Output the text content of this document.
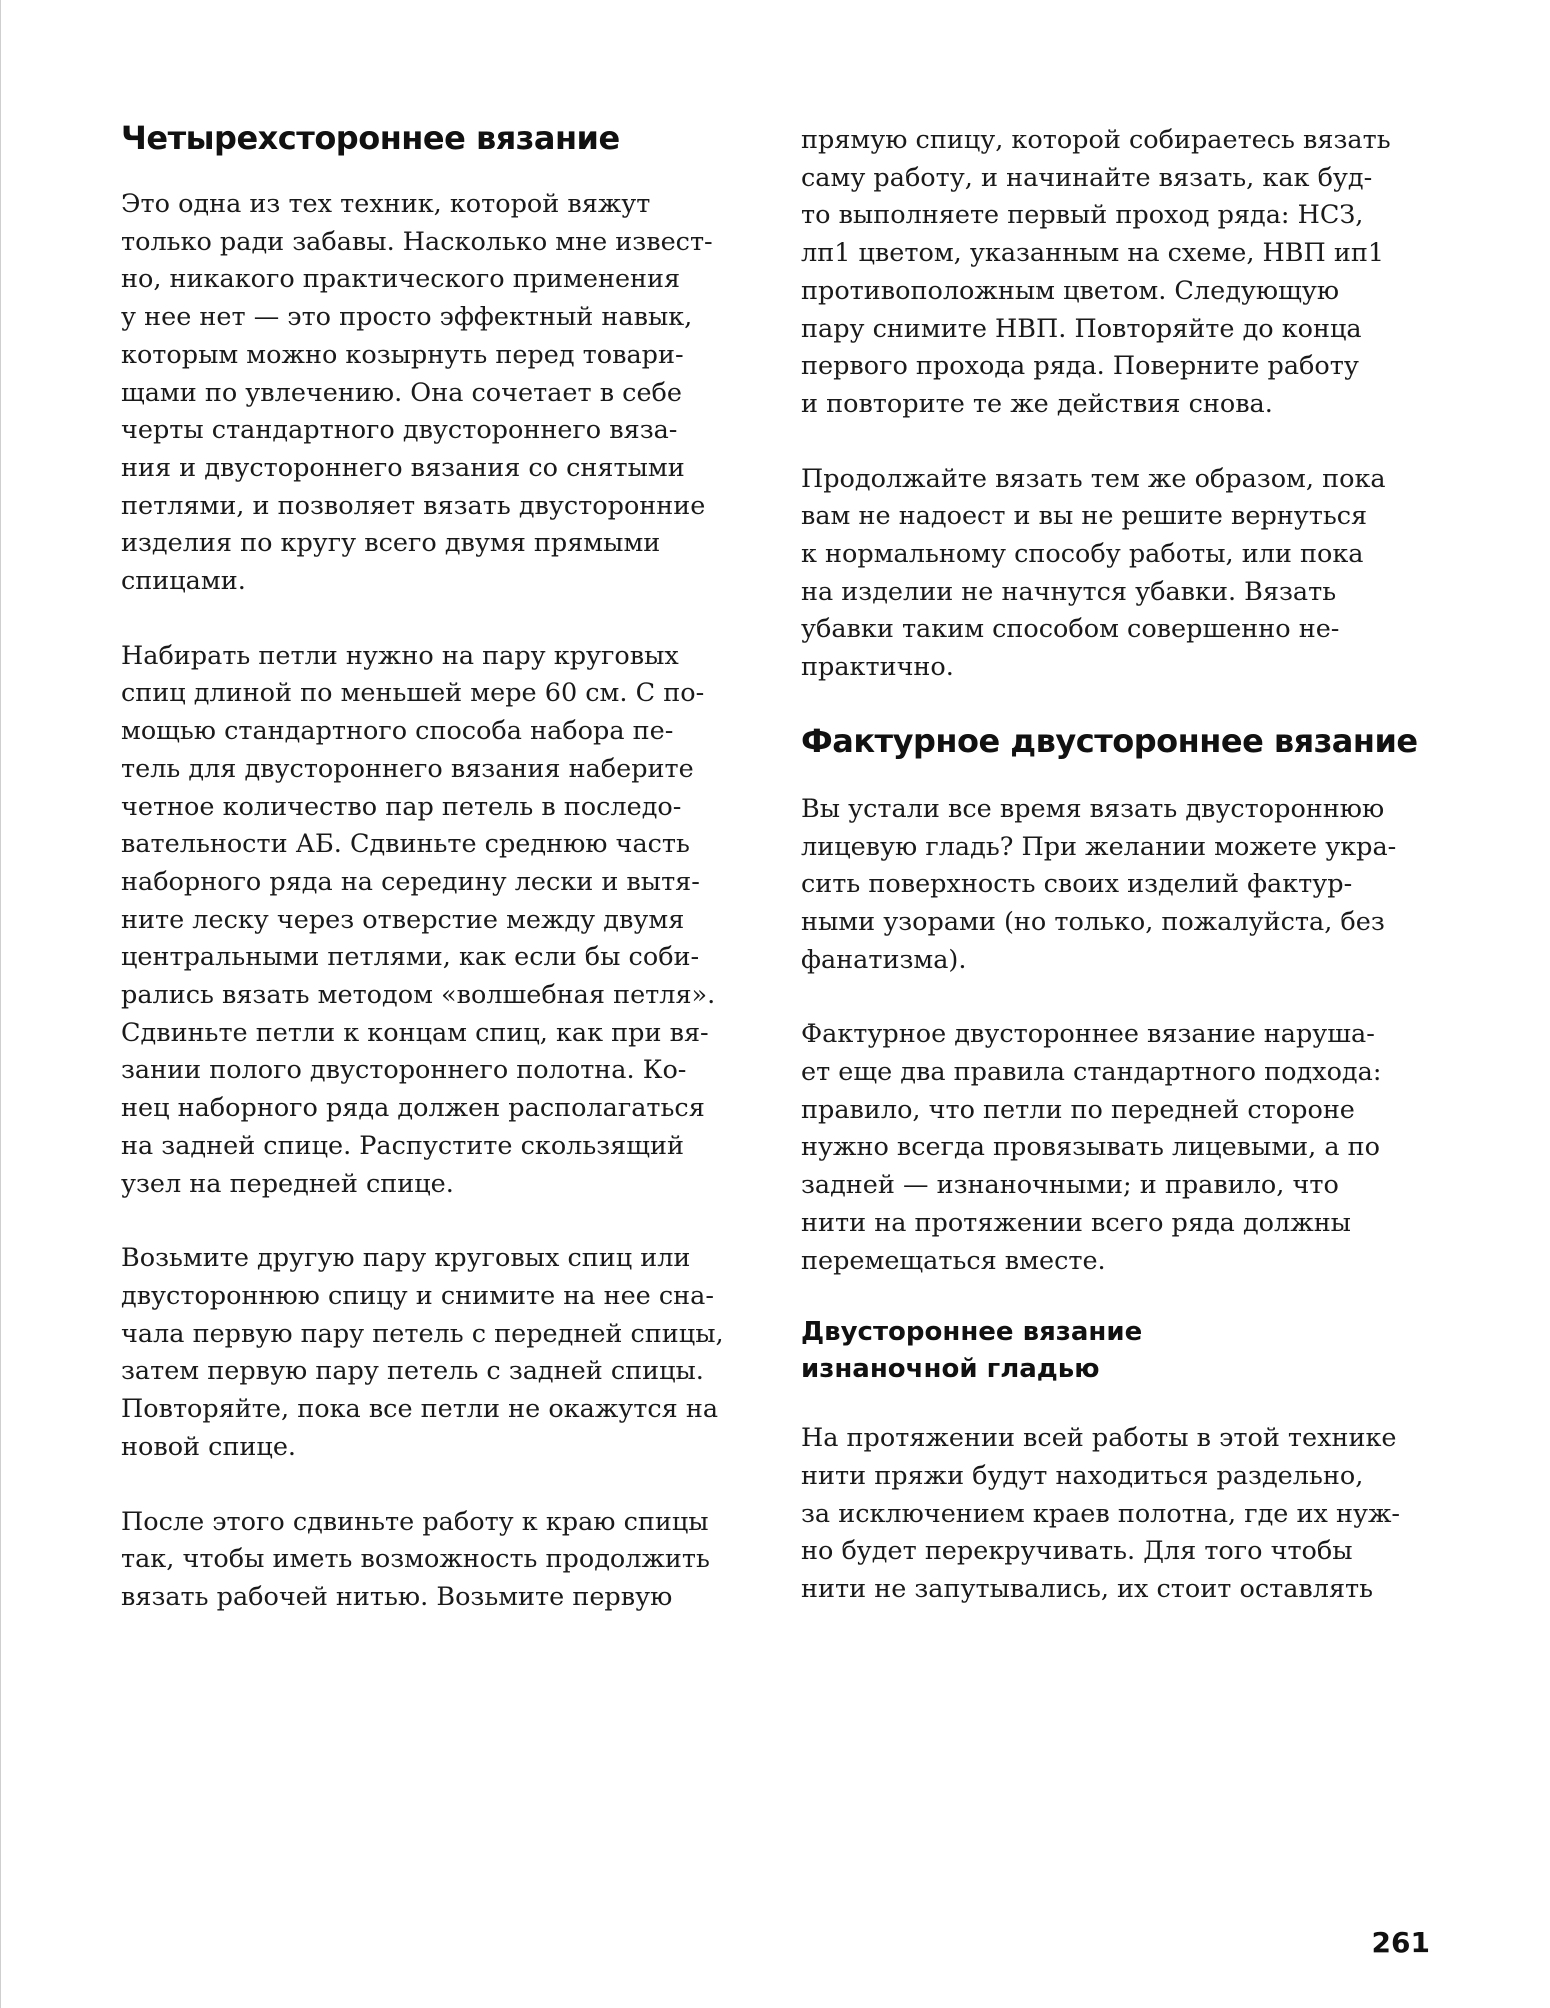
Четырехстороннее вязание
Это одна из тех техник, которой вяжут
только ради забавы. Насколько мне извест-
но, никакого практического применения
у нее нет — это просто эффектный навык,
которым можно козырнуть перед товари-
щами по увлечению. Она сочетает в себе
черты стандартного двустороннего вяза-
ния и двустороннего вязания со снятыми
петлями, и позволяет вязать двусторонние
изделия по кругу всего двумя прямыми
спицами.
Набирать петли нужно на пару круговых
спиц длиной по меньшей мере 60 см. С по-
мощью стандартного способа набора пе-
тель для двустороннего вязания наберите
четное количество пар петель в последо-
вательности АБ. Сдвиньте среднюю часть
наборного ряда на середину лески и вытя-
ните леску через отверстие между двумя
центральными петлями, как если бы соби-
рались вязать методом «волшебная петля».
Сдвиньте петли к концам спиц, как при вя-
зании полого двустороннего полотна. Ко-
нец наборного ряда должен располагаться
на задней спице. Распустите скользящий
узел на передней спице.
Возьмите другую пару круговых спиц или
двустороннюю спицу и снимите на нее сна-
чала первую пару петель с передней спицы,
затем первую пару петель с задней спицы.
Повторяйте, пока все петли не окажутся на
новой спице.
После этого сдвиньте работу к краю спицы
так, чтобы иметь возможность продолжить
вязать рабочей нитью. Возьмите первую
прямую спицу, которой собираетесь вязать
саму работу, и начинайте вязать, как буд-
то выполняете первый проход ряда: НСЗ,
лп1 цветом, указанным на схеме, НВП ип1
противоположным цветом. Следующую
пару снимите НВП. Повторяйте до конца
первого прохода ряда. Поверните работу
и повторите те же действия снова.
Продолжайте вязать тем же образом, пока
вам не надоест и вы не решите вернуться
к нормальному способу работы, или пока
на изделии не начнутся убавки. Вязать
убавки таким способом совершенно не-
практично.
Фактурное двустороннее вязание
Вы устали все время вязать двустороннюю
лицевую гладь? При желании можете укра-
сить поверхность своих изделий фактур-
ными узорами (но только, пожалуйста, без
фанатизма).
Фактурное двустороннее вязание наруша-
ет еще два правила стандартного подхода:
правило, что петли по передней стороне
нужно всегда провязывать лицевыми, а по
задней — изнаночными; и правило, что
нити на протяжении всего ряда должны
перемещаться вместе.
Двустороннее вязание
изнаночной гладью
На протяжении всей работы в этой технике
нити пряжи будут находиться раздельно,
за исключением краев полотна, где их нуж-
но будет перекручивать. Для того чтобы
нити не запутывались, их стоит оставлять
261
